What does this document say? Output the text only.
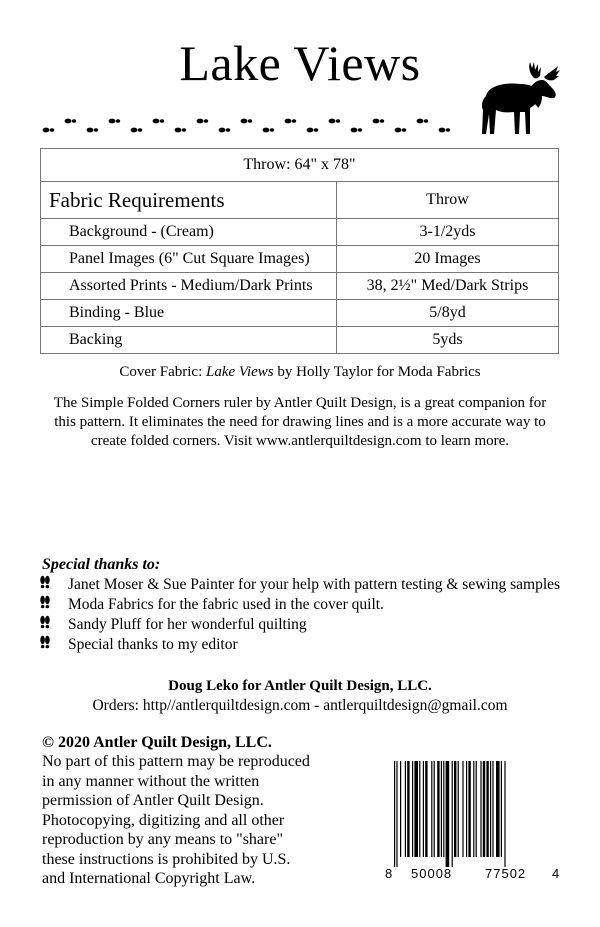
Lake Views
Throw: 64" x 78"	
Fabric Requirements	Throw
Background - (Cream)	3-1/2yds
Panel Images (6" Cut Square Images)	20 Images
Assorted Prints - Medium/Dark Prints	38, 2½" Med/Dark Strips
Binding - Blue	5/8yd
Backing	5yds
Cover Fabric: Lake Views by Holly Taylor for Moda Fabrics
The Simple Folded Corners ruler by Antler Quilt Design, is a great companion for this pattern. It eliminates the need for drawing lines and is a more accurate way to create folded corners. Visit www.antlerquiltdesign.com to learn more.
Special thanks to:
Janet Moser & Sue Painter for your help with pattern testing & sewing samples
Moda Fabrics for the fabric used in the cover quilt.
Sandy Pluff for her wonderful quilting
Special thanks to my editor
Doug Leko for Antler Quilt Design, LLC.
Orders: http//antlerquiltdesign.com - antlerquiltdesign@gmail.com
© 2020 Antler Quilt Design, LLC.
No part of this pattern may be reproduced
in any manner without the written
permission of Antler Quilt Design.
Photocopying, digitizing and all other
reproduction by any means to "share"
these instructions is prohibited by U.S.
and International Copyright Law.	8 50008	77502 4
